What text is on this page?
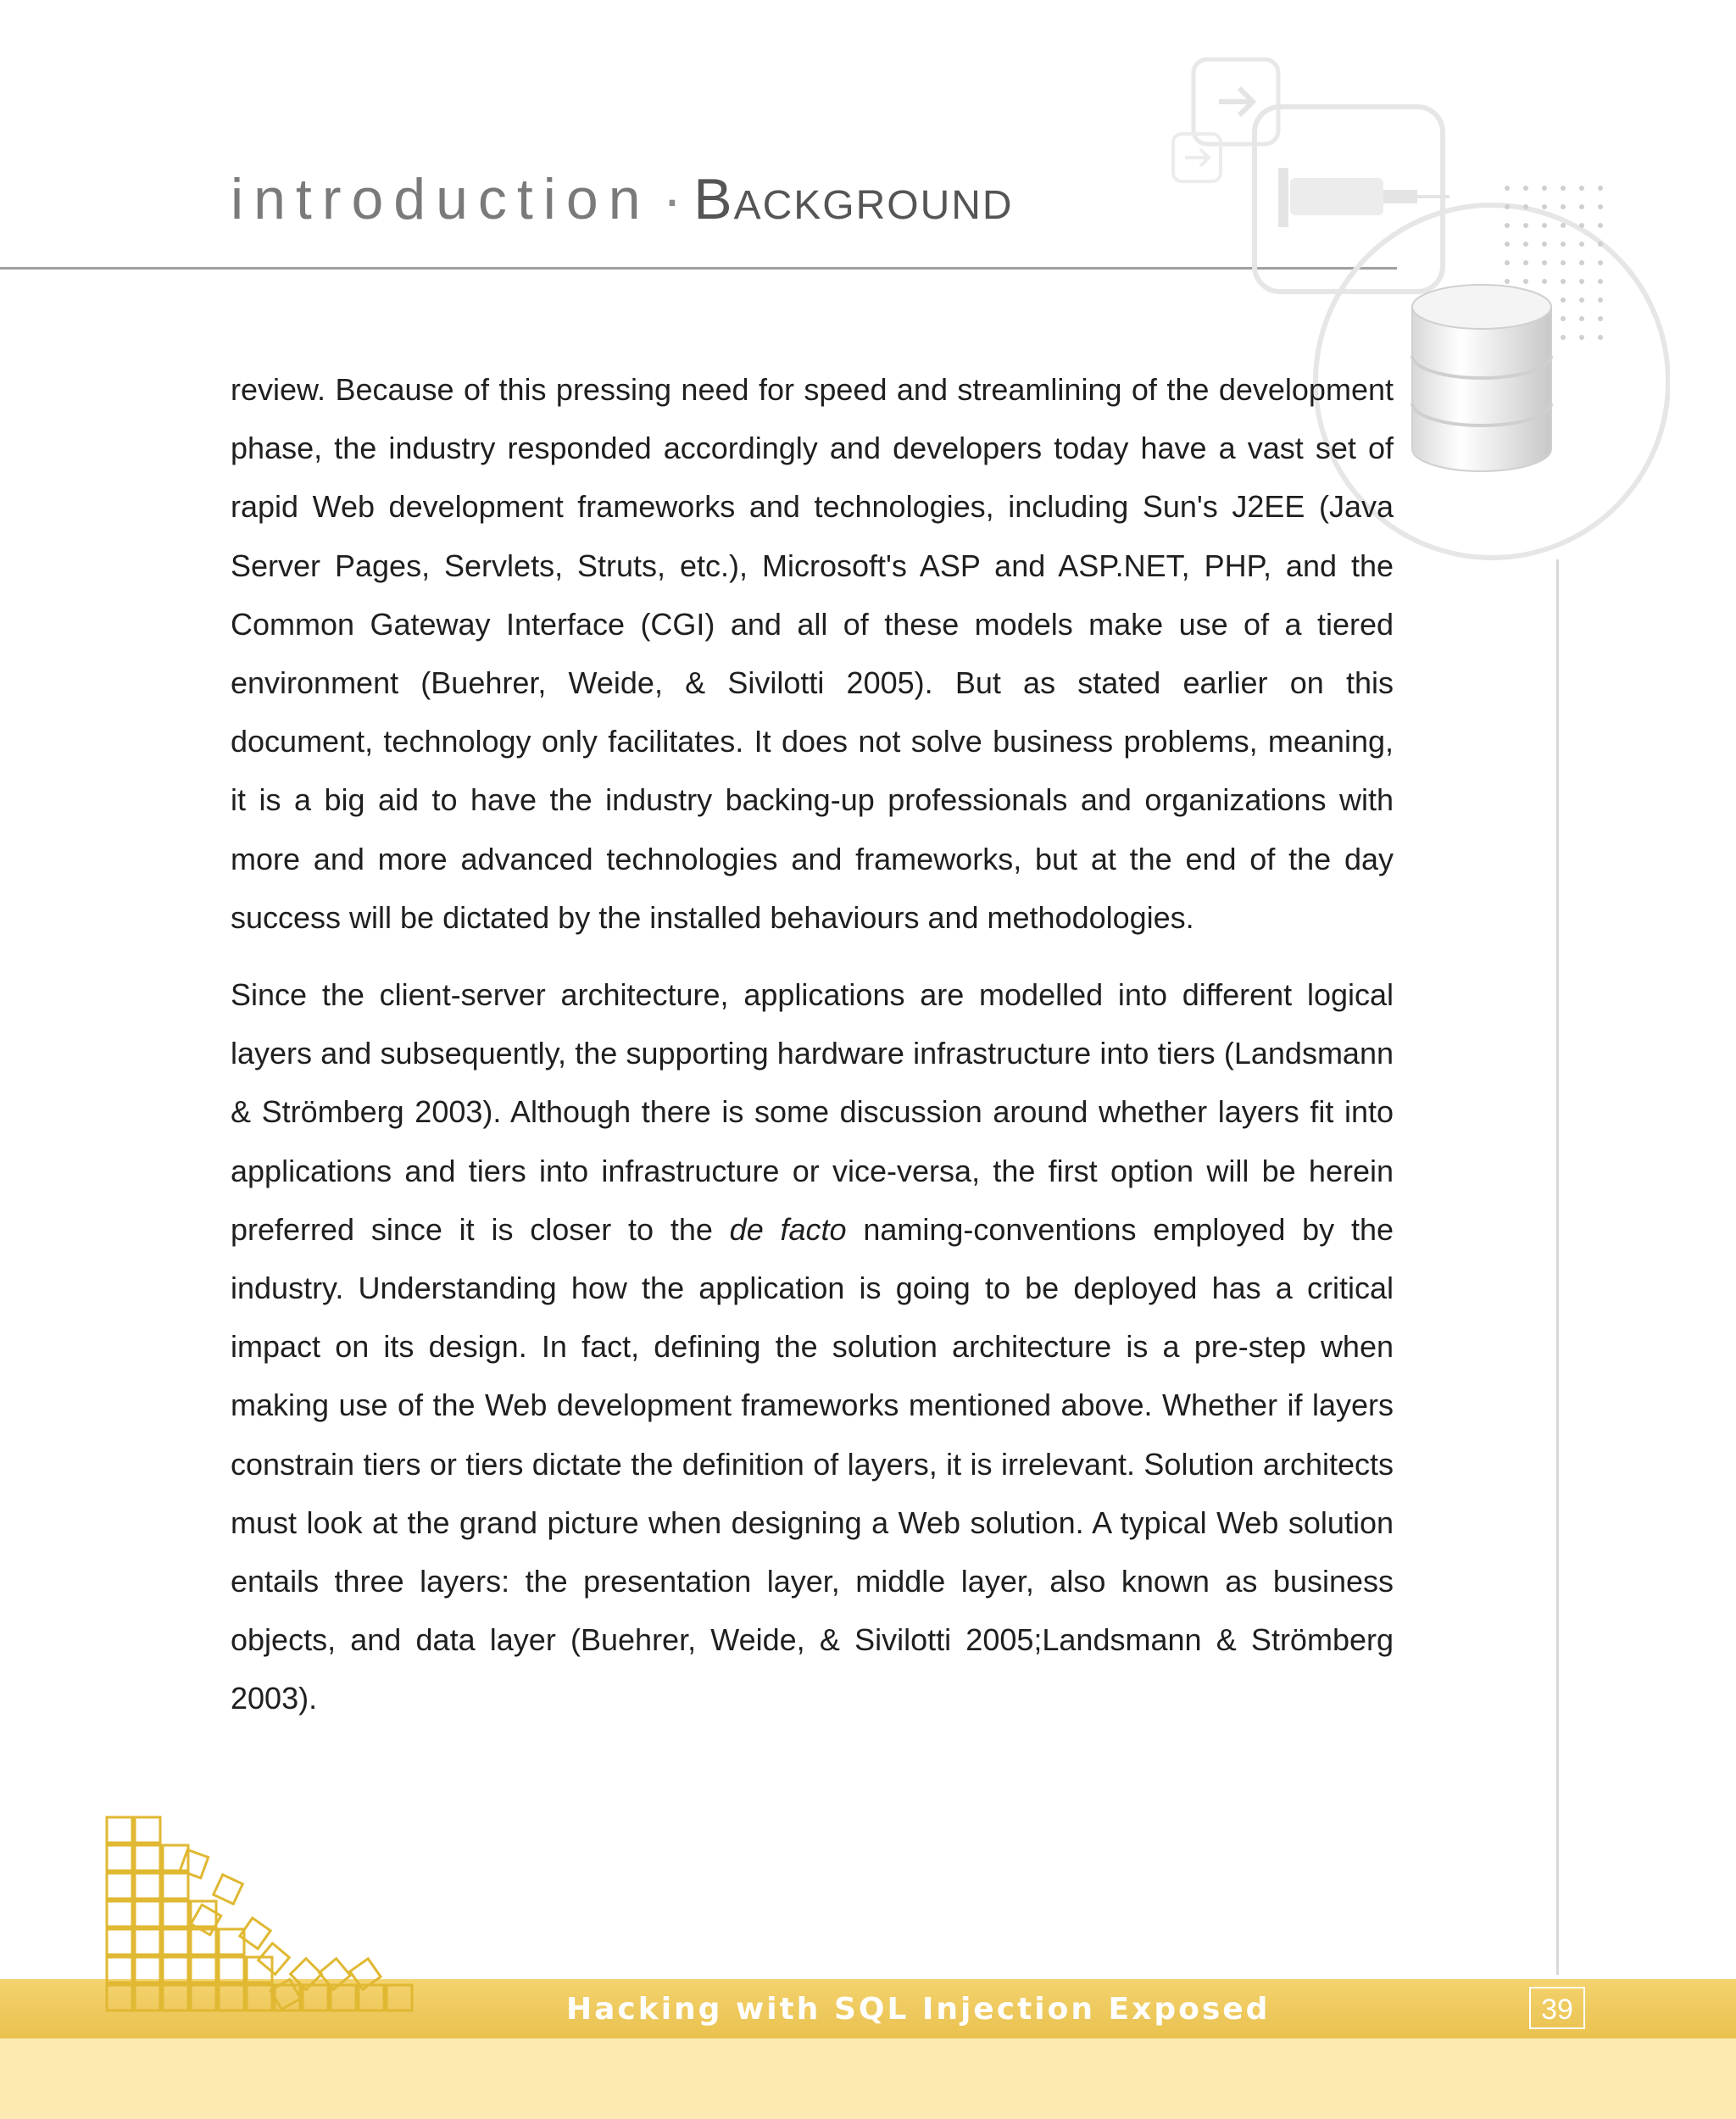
introduction · Background

review. Because of this pressing need for speed and streamlining of the development phase, the industry responded accordingly and developers today have a vast set of rapid Web development frameworks and technologies, including Sun's J2EE (Java Server Pages, Servlets, Struts, etc.), Microsoft's ASP and ASP.NET, PHP, and the Common Gateway Interface (CGI) and all of these models make use of a tiered environment (Buehrer, Weide, & Sivilotti 2005). But as stated earlier on this document, technology only facilitates. It does not solve business problems, meaning, it is a big aid to have the industry backing-up professionals and organizations with more and more advanced technologies and frameworks, but at the end of the day success will be dictated by the installed behaviours and methodologies.

Since the client-server architecture, applications are modelled into different logical layers and subsequently, the supporting hardware infrastructure into tiers (Landsmann & Strömberg 2003). Although there is some discussion around whether layers fit into applications and tiers into infrastructure or vice-versa, the first option will be herein preferred since it is closer to the de facto naming-conventions employed by the industry. Understanding how the application is going to be deployed has a critical impact on its design. In fact, defining the solution architecture is a pre-step when making use of the Web development frameworks mentioned above. Whether if layers constrain tiers or tiers dictate the definition of layers, it is irrelevant. Solution architects must look at the grand picture when designing a Web solution. A typical Web solution entails three layers: the presentation layer, middle layer, also known as business objects, and data layer (Buehrer, Weide, & Sivilotti 2005;Landsmann & Strömberg 2003).

Hacking with SQL Injection Exposed	39
